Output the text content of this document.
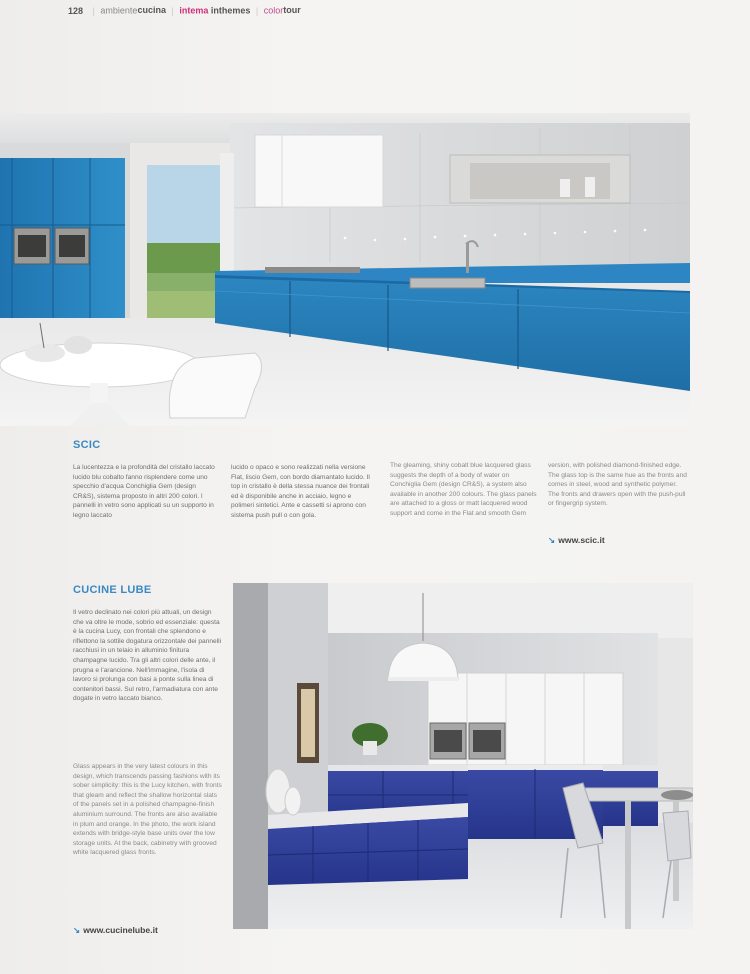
128 | ambientecucina | intema inthemes | colortour
SCIC

La lucentezza e la profondità del cristallo laccato lucido blu cobalto fanno risplendere come uno specchio d'acqua Conchiglia Gem (design CR&S), sistema proposto in altri 200 colori. I pannelli in vetro sono applicati su un supporto in legno laccato

lucido o opaco e sono realizzati nella versione Flat, liscio Gem, con bordo diamantato lucido. Il top in cristallo è della stessa nuance dei frontali ed è disponibile anche in acciaio, legno e polimeri sintetici. Ante e cassetti si aprono con sistema push pull o con gola.

The gleaming, shiny cobalt blue lacquered glass suggests the depth of a body of water on Conchiglia Gem (design CR&S), a system also available in another 200 colours. The glass panels are attached to a gloss or matt lacquered wood support and come in the Flat and smooth Gem

version, with polished diamond-finished edge. The glass top is the same hue as the fronts and comes in steel, wood and synthetic polymer. The fronts and drawers open with the push-pull or fingergrip system.

↘ www.scic.it
CUCINE LUBE

Il vetro declinato nei colori più attuali, un design che va oltre le mode, sobrio ed essenziale: questa è la cucina Lucy, con frontali che splendono e riflettono la sottile dogatura orizzontale dei pannelli racchiusi in un telaio in alluminio finitura champagne lucido. Tra gli altri colori delle ante, il prugna e l'arancione. Nell'immagine, l'isola di lavoro si prolunga con basi a ponte sulla linea di contenitori bassi. Sul retro, l'armadiatura con ante dogate in vetro laccato bianco.

Glass appears in the very latest colours in this design, which transcends passing fashions with its sober simplicity: this is the Lucy kitchen, with fronts that gleam and reflect the shallow horizontal slats of the panels set in a polished champagne-finish aluminium surround. The fronts are also available in plum and orange. In the photo, the work island extends with bridge-style base units over the low storage units. At the back, cabinetry with grooved white lacquered glass fronts.

↘ www.cucinelube.it
